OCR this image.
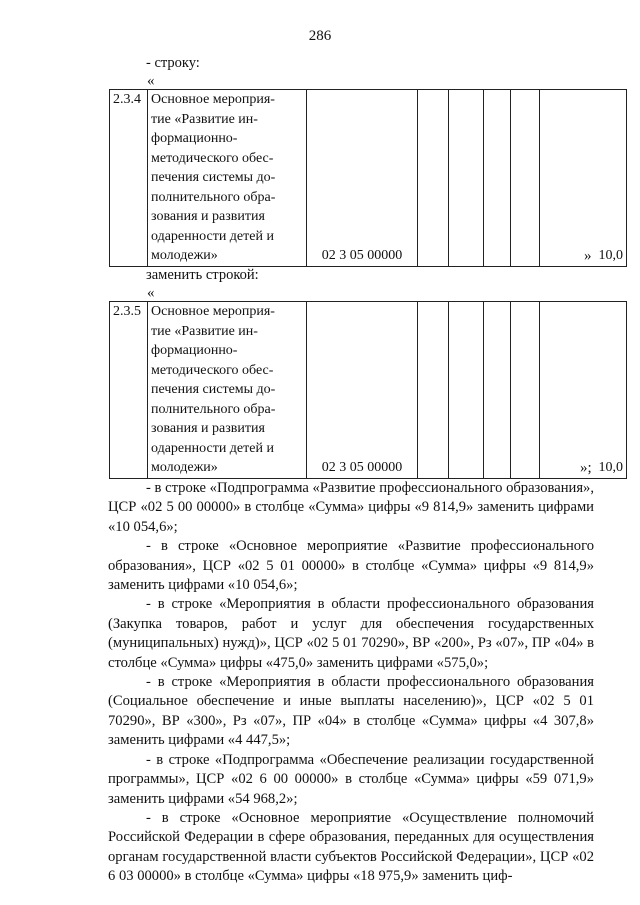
286
- строку:
«
2.3.4	Основное мероприя-
тие «Развитие ин-
формационно-
методического обес-
печения системы до-
полнительного обра-
зования и развития
одаренности детей и
молодежи»	02 3 05 00000					10,0
»
заменить строкой:
«
2.3.5	Основное мероприя-
тие «Развитие ин-
формационно-
методического обес-
печения системы до-
полнительного обра-
зования и развития
одаренности детей и
молодежи»	02 3 05 00000					10,0
»;

- в строке «Подпрограмма «Развитие профессионального образования», ЦСР «02 5 00 00000» в столбце «Сумма» цифры «9 814,9» заменить цифрами «10 054,6»;

- в строке «Основное мероприятие «Развитие профессионального образования», ЦСР «02 5 01 00000» в столбце «Сумма» цифры «9 814,9» заменить цифрами «10 054,6»;

- в строке «Мероприятия в области профессионального образования (Закупка товаров, работ и услуг для обеспечения государственных (муниципальных) нужд)», ЦСР «02 5 01 70290», ВР «200», Рз «07», ПР «04» в столбце «Сумма» цифры «475,0» заменить цифрами «575,0»;

- в строке «Мероприятия в области профессионального образования (Социальное обеспечение и иные выплаты населению)», ЦСР «02 5 01 70290», ВР «300», Рз «07», ПР «04» в столбце «Сумма» цифры «4 307,8» заменить цифрами «4 447,5»;

- в строке «Подпрограмма «Обеспечение реализации государственной программы», ЦСР «02 6 00 00000» в столбце «Сумма» цифры «59 071,9» заменить цифрами «54 968,2»;

- в строке «Основное мероприятие «Осуществление полномочий Российской Федерации в сфере образования, переданных для осуществления органам государственной власти субъектов Российской Федерации», ЦСР «02 6 03 00000» в столбце «Сумма» цифры «18 975,9» заменить циф-
